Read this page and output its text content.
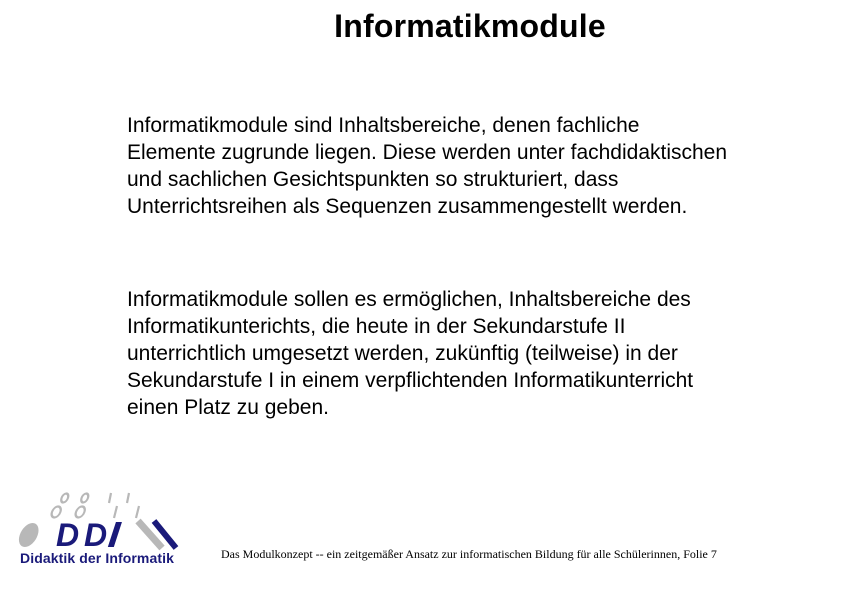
Informatikmodule

Informatikmodule sind Inhaltsbereiche, denen fachliche
Elemente zugrunde liegen. Diese werden unter fachdidaktischen
und sachlichen Gesichtspunkten so strukturiert, dass
Unterrichtsreihen als Sequenzen zusammengestellt werden.

Informatikmodule sollen es ermöglichen, Inhaltsbereiche des
Informatikunterichts, die heute in der Sekundarstufe II
unterrichtlich umgesetzt werden, zukünftig (teilweise) in der
Sekundarstufe I in einem verpflichtenden Informatikunterricht
einen Platz zu geben.

D D
Didaktik der Informatik	Das Modulkonzept -- ein zeitgemäßer Ansatz zur informatischen Bildung für alle Schülerinnen, Folie 7
